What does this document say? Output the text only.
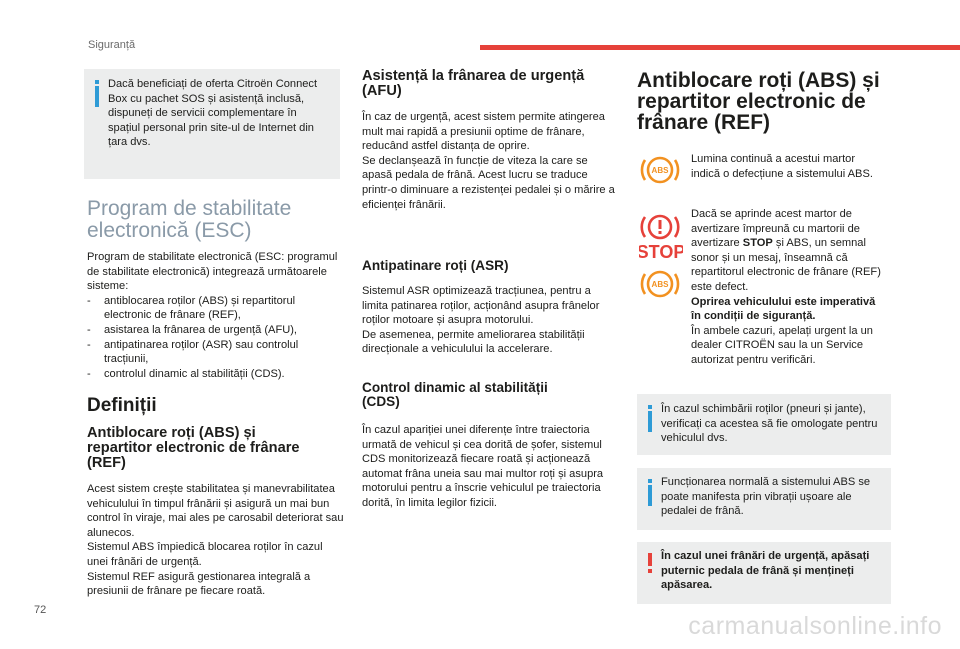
Siguranță

Dacă beneficiați de oferta Citroën Connect Box cu pachet SOS și asistență inclusă, dispuneți de servicii complementare în spațiul personal prin site-ul de Internet din țara dvs.

Program de stabilitate
electronică (ESC)

Program de stabilitate electronică (ESC: programul de stabilitate electronică) integrează următoarele sisteme:

- antiblocarea roților (ABS) și repartitorul electronic de frânare (REF),
- asistarea la frânarea de urgență (AFU),
- antipatinarea roților (ASR) sau controlul tracțiunii,
- controlul dinamic al stabilității (CDS).
Definiții
Antiblocare roți (ABS) și
repartitor electronic de frânare
(REF)

Acest sistem crește stabilitatea și manevrabilitatea vehiculului în timpul frânării și asigură un mai bun control în viraje, mai ales pe carosabil deteriorat sau alunecos.

Sistemul ABS împiedică blocarea roților în cazul unei frânări de urgență.

Sistemul REF asigură gestionarea integrală a presiunii de frânare pe fiecare roată.

Asistență la frânarea de urgență
(AFU)

În caz de urgență, acest sistem permite atingerea mult mai rapidă a presiunii optime de frânare, reducând astfel distanța de oprire.

Se declanșează în funcție de viteza la care se apasă pedala de frână. Acest lucru se traduce printr-o diminuare a rezistenței pedalei și o mărire a eficienței frânării.

Antipatinare roți (ASR)

Sistemul ASR optimizează tracțiunea, pentru a limita patinarea roților, acționând asupra frânelor roților motoare și asupra motorului.

De asemenea, permite ameliorarea stabilității direcționale a vehiculului la accelerare.

Control dinamic al stabilității
(CDS)
În cazul apariției unei diferențe între traiectoria urmată de vehicul și cea dorită de șofer, sistemul CDS monitorizează fiecare roată și acționează automat frâna uneia sau mai multor roți și asupra motorului pentru a înscrie vehiculul pe traiectoria dorită, în limita legilor fizicii.
Antiblocare roți (ABS) și
repartitor electronic de
frânare (REF)
ABS
Lumina continuă a acestui martor indică o defecțiune a sistemului ABS.
STOP
ABS

Dacă se aprinde acest martor de avertizare împreună cu martorii de avertizare STOP și ABS, un semnal sonor și un mesaj, înseamnă că repartitorul electronic de frânare (REF) este defect.

Oprirea vehiculului este imperativă în condiții de siguranță.

În ambele cazuri, apelați urgent la un dealer CITROËN sau la un Service autorizat pentru verificări.

În cazul schimbării roților (pneuri și jante), verificați ca acestea să fie omologate pentru vehiculul dvs.

Funcționarea normală a sistemului ABS se poate manifesta prin vibrații ușoare ale pedalei de frână.

În cazul unei frânări de urgență, apăsați puternic pedala de frână și mențineți apăsarea.

72
carmanualsonline.info
